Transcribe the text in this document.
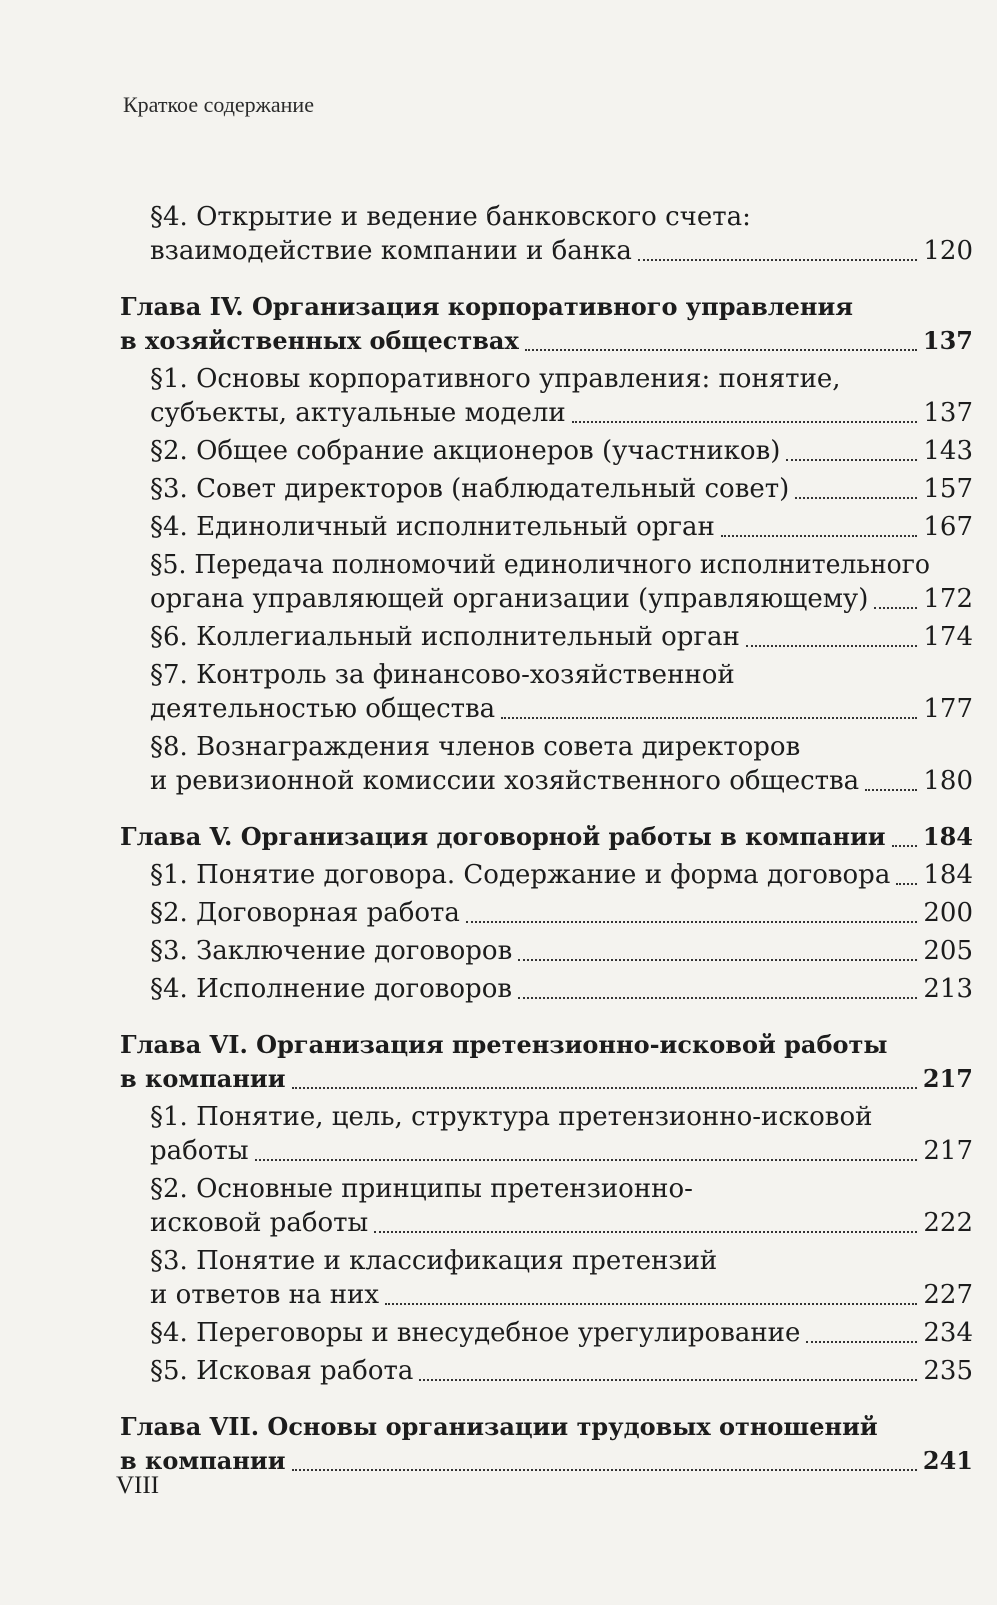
Краткое содержание
§4. Открытие и ведение банковского счета:
взаимодействие компании и банка	120
Глава IV. Организация корпоративного управления
в хозяйственных обществах	137
§1. Основы корпоративного управления: понятие,
субъекты, актуальные модели	137
§2. Общее собрание акционеров (участников)	143
§3. Совет директоров (наблюдательный совет)	157
§4. Единоличный исполнительный орган	167
§5. Передача полномочий единоличного исполнительного
органа управляющей организации (управляющему) 172
§6. Коллегиальный исполнительный орган	174
§7. Контроль за финансово-хозяйственной
деятельностью общества	177
§8. Вознаграждения членов совета директоров
и ревизионной комиссии хозяйственного общества 180
Глава V. Организация договорной работы в компании 184
§1. Понятие договора. Содержание и форма договора 184
§2. Договорная работа	200
§3. Заключение договоров	205
§4. Исполнение договоров	213
Глава VI. Организация претензионно-исковой работы
в компании	217
§1. Понятие, цель, структура претензионно-исковой
работы	217
§2. Основные принципы претензионно-
исковой работы	222
§3. Понятие и классификация претензий
и ответов на них	227
§4. Переговоры и внесудебное урегулирование	234
§5. Исковая работа	235
Глава VII. Основы организации трудовых отношений
в компании	241
VIII
